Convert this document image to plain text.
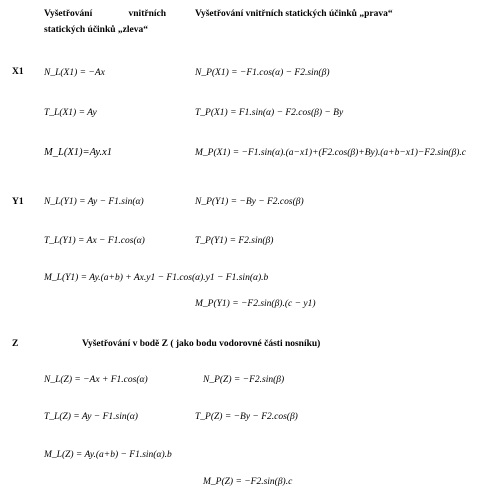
Vyšetřování	vnitřních
statických účinků „zleva“
Vyšetřování vnitřních statických účinků „prava“
X1 N_L(X1) = −Ax	N_P(X1) = −F1.cos(α) − F2.sin(β)
T_L(X1) = Ay	T_P(X1) = F1.sin(α) − F2.cos(β) − By
M_L(X1)=Ay.x1	M_P(X1) = −F1.sin(α).(a−x1)+(F2.cos(β)+By).(a+b−x1)−F2.sin(β).c
Y1 N_L(Y1) = Ay − F1.sin(α)	N_P(Y1) = −By − F2.cos(β)
T_L(Y1) = Ax − F1.cos(α)	T_P(Y1) = F2.sin(β)
M_L(Y1) = Ay.(a+b) + Ax.y1 − F1.cos(α).y1 − F1.sin(α).b
M_P(Y1) = −F2.sin(β).(c − y1)
Z	Vyšetřování v bodě Z ( jako bodu vodorovné části nosníku)
N_L(Z) = −Ax + F1.cos(α)	N_P(Z) = −F2.sin(β)
T_L(Z) = Ay − F1.sin(α)	T_P(Z) = −By − F2.cos(β)
M_L(Z) = Ay.(a+b) − F1.sin(α).b
M_P(Z) = −F2.sin(β).c
